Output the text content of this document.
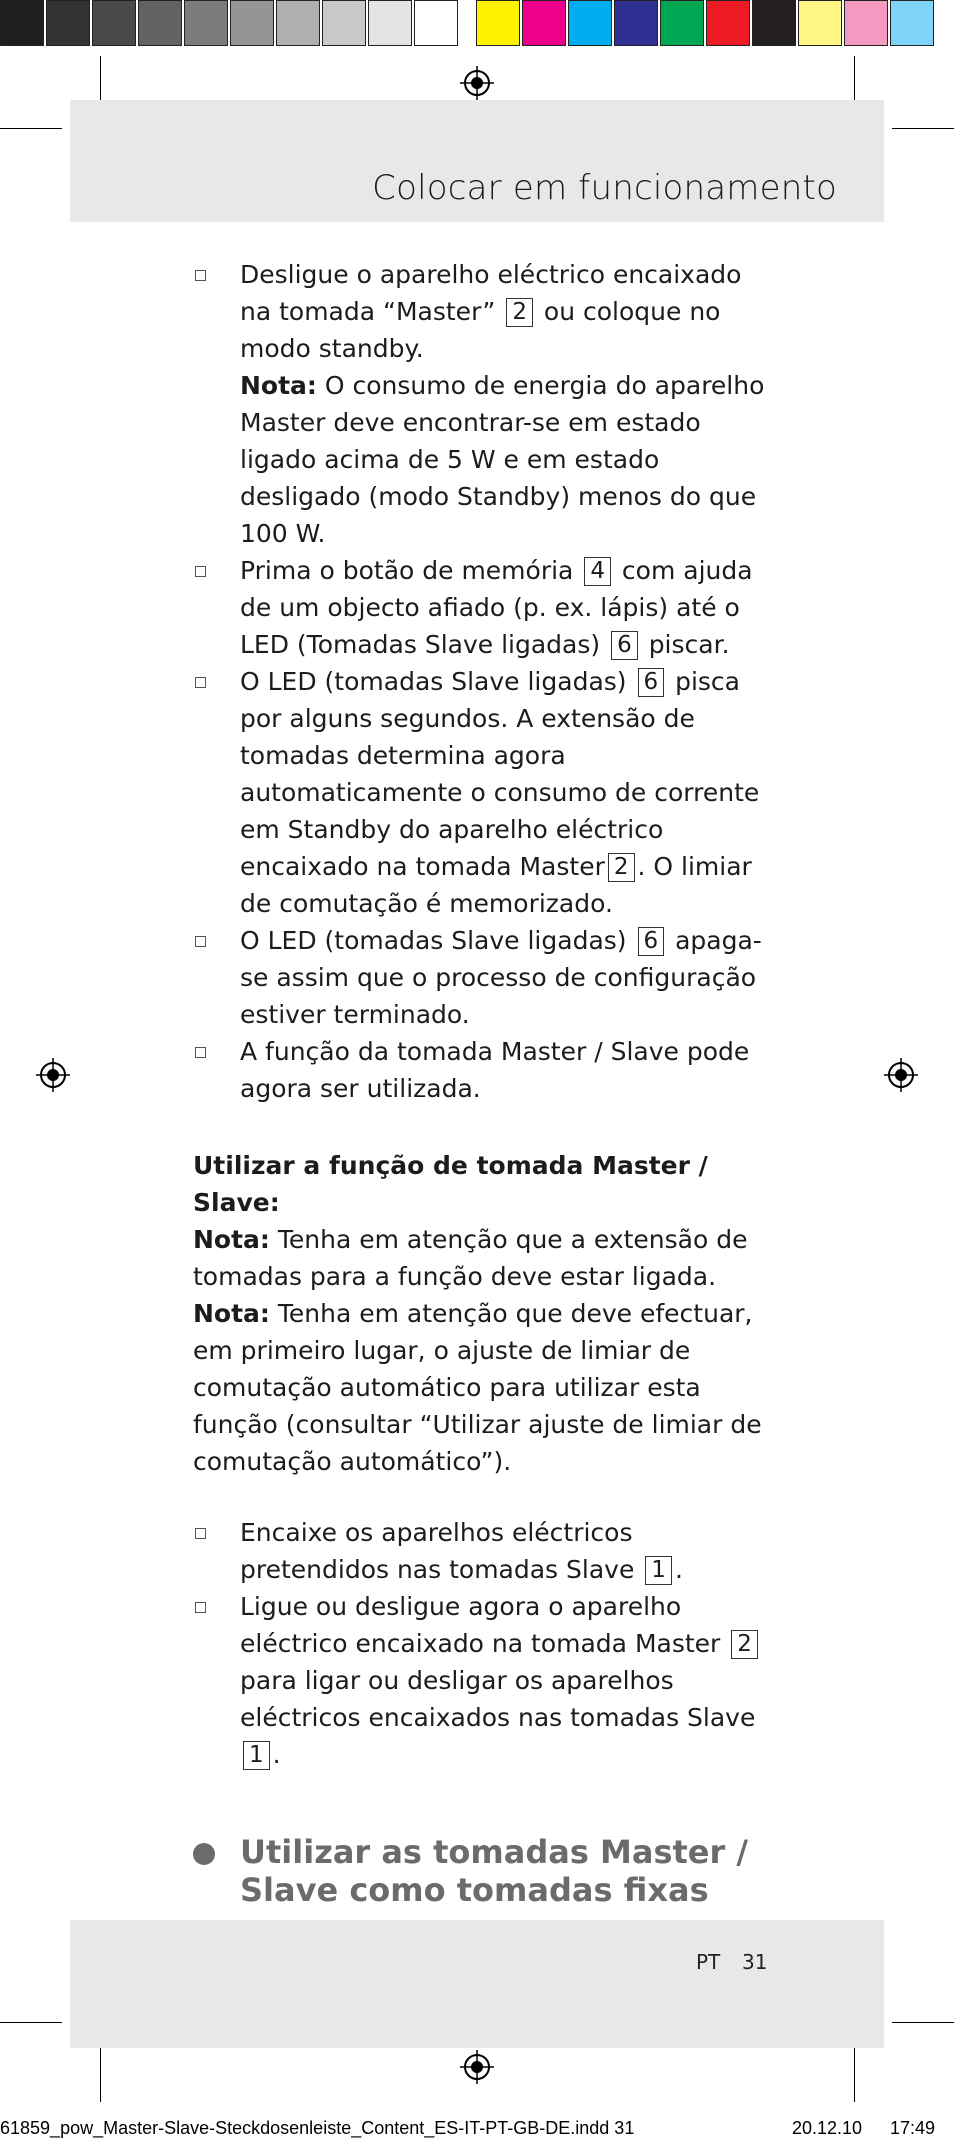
Colocar em funcionamento
Desligue o aparelho eléctrico encaixado na tomada “Master” 2 ou coloque no modo standby.
Nota: O consumo de energia do aparelho Master deve encontrar-se em estado ligado acima de 5 W e em estado desligado (modo Standby) menos do que 100 W.
Prima o botão de memória 4 com ajuda de um objecto afiado (p. ex. lápis) até o LED (Tomadas Slave ligadas) 6 piscar.
O LED (tomadas Slave ligadas) 6 pisca por alguns segundos. A extensão de tomadas determina agora automaticamente o consumo de corrente em Standby do aparelho eléctrico encaixado na tomada Master 2 . O limiar de comutação é memorizado.
O LED (tomadas Slave ligadas) 6 apaga-se assim que o processo de configuração estiver terminado.
A função da tomada Master / Slave pode agora ser utilizada.
Utilizar a função de tomada Master / Slave:

Nota: Tenha em atenção que a extensão de tomadas para a função deve estar ligada.

Nota: Tenha em atenção que deve efectuar, em primeiro lugar, o ajuste de limiar de comutação automático para utilizar esta função (consultar “Utilizar ajuste de limiar de comutação automático”).

Encaixe os aparelhos eléctricos pretendidos nas tomadas Slave 1 .
Ligue ou desligue agora o aparelho eléctrico encaixado na tomada Master 2 para ligar ou desligar os aparelhos eléctricos encaixados nas tomadas Slave 1 .
Utilizar as tomadas Master / Slave como tomadas fixas

PT 31
61859_pow_Master-Slave-Steckdosenleiste_Content_ES-IT-PT-GB-DE.indd 31	20.12.10 17:49
